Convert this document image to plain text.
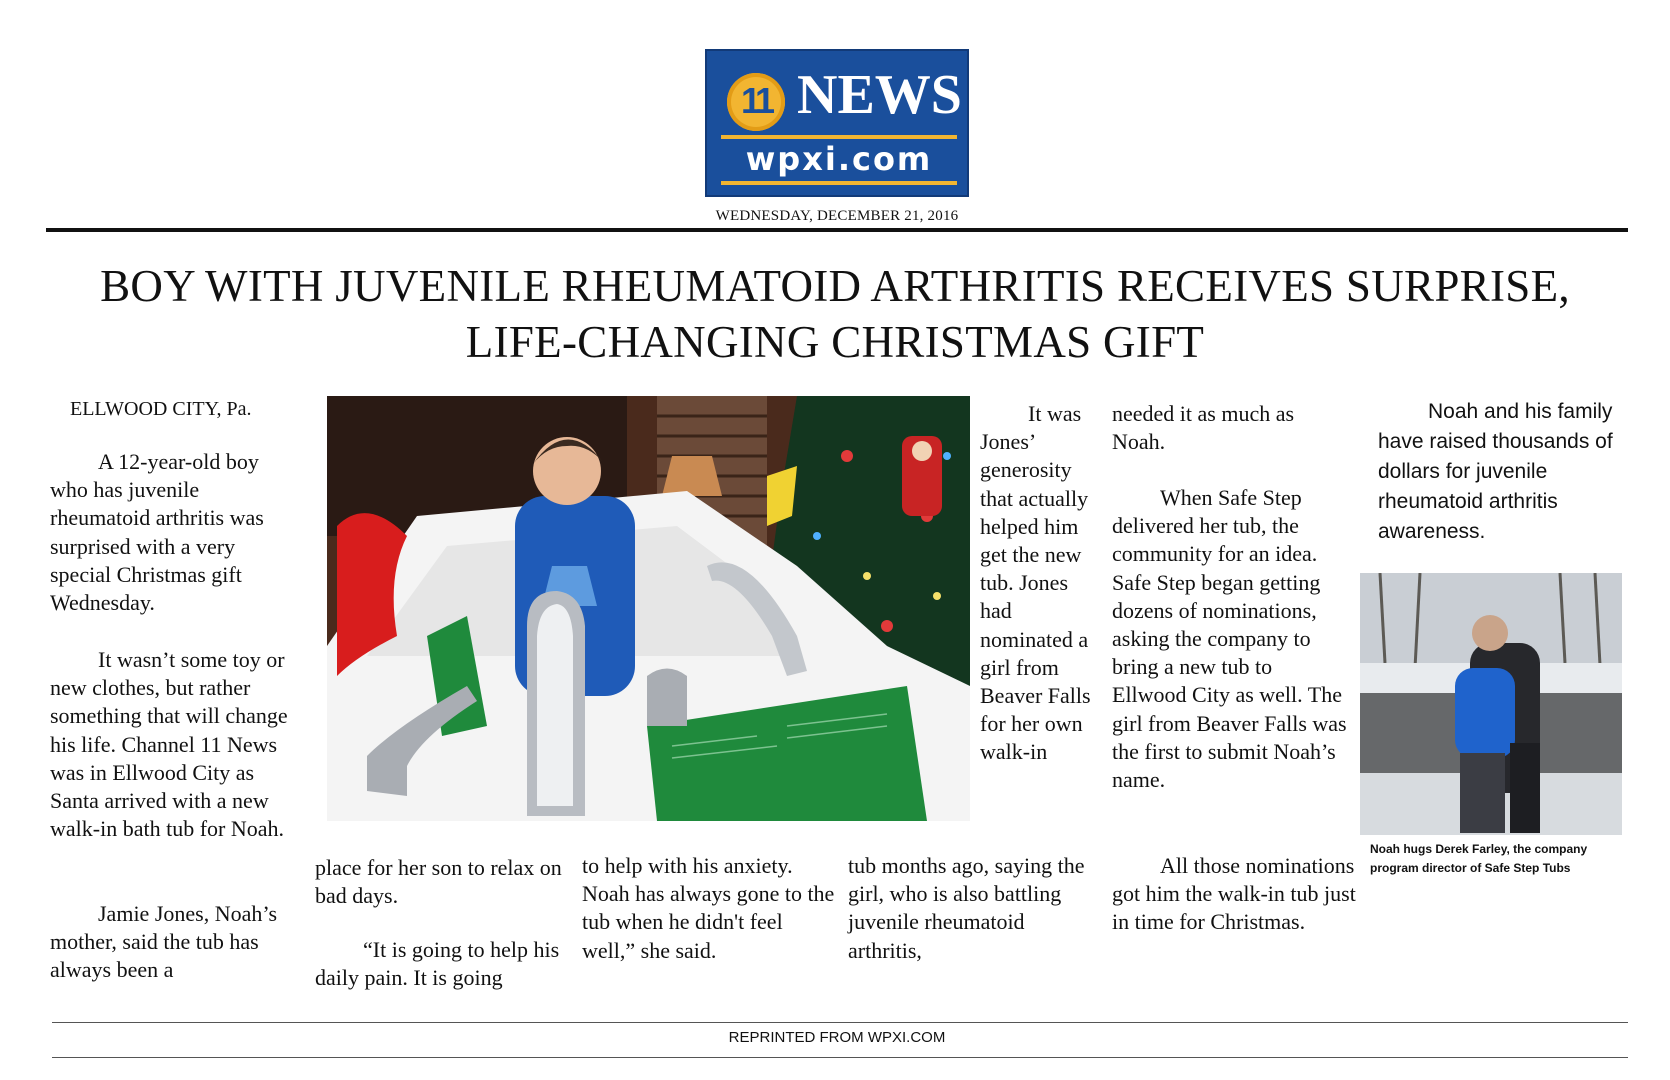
11 NEWS
wpxi.com
WEDNESDAY, DECEMBER 21, 2016
BOY WITH JUVENILE RHEUMATOID ARTHRITIS RECEIVES SURPRISE, LIFE-CHANGING CHRISTMAS GIFT
ELLWOOD CITY, Pa.

A 12-year-old boy who has juvenile rheumatoid arthritis was surprised with a very special Christmas gift Wednesday.

It wasn’t some toy or new clothes, but rather something that will change his life. Channel 11 News was in Ellwood City as Santa arrived with a new walk-in bath tub for Noah.

Jamie Jones, Noah’s mother, said the tub has always been a

It was Jones’ generosity that actually helped him get the new tub. Jones had nominated a girl from Beaver Falls for her own walk-in

needed it as much as Noah.

When Safe Step delivered her tub, the community for an idea. Safe Step began getting dozens of nominations, asking the company to bring a new tub to Ellwood City as well. The girl from Beaver Falls was the first to submit Noah’s name.

Noah and his family have raised thousands of dollars for juvenile rheumatoid arthritis awareness.

Noah hugs Derek Farley, the company program director of Safe Step Tubs

place for her son to relax on bad days.

“It is going to help his daily pain. It is going

to help with his anxiety. Noah has always gone to the tub when he didn't feel well,” she said.

tub months ago, saying the girl, who is also battling juvenile rheumatoid arthritis,

All those nominations got him the walk-in tub just in time for Christmas.

REPRINTED FROM WPXI.COM
